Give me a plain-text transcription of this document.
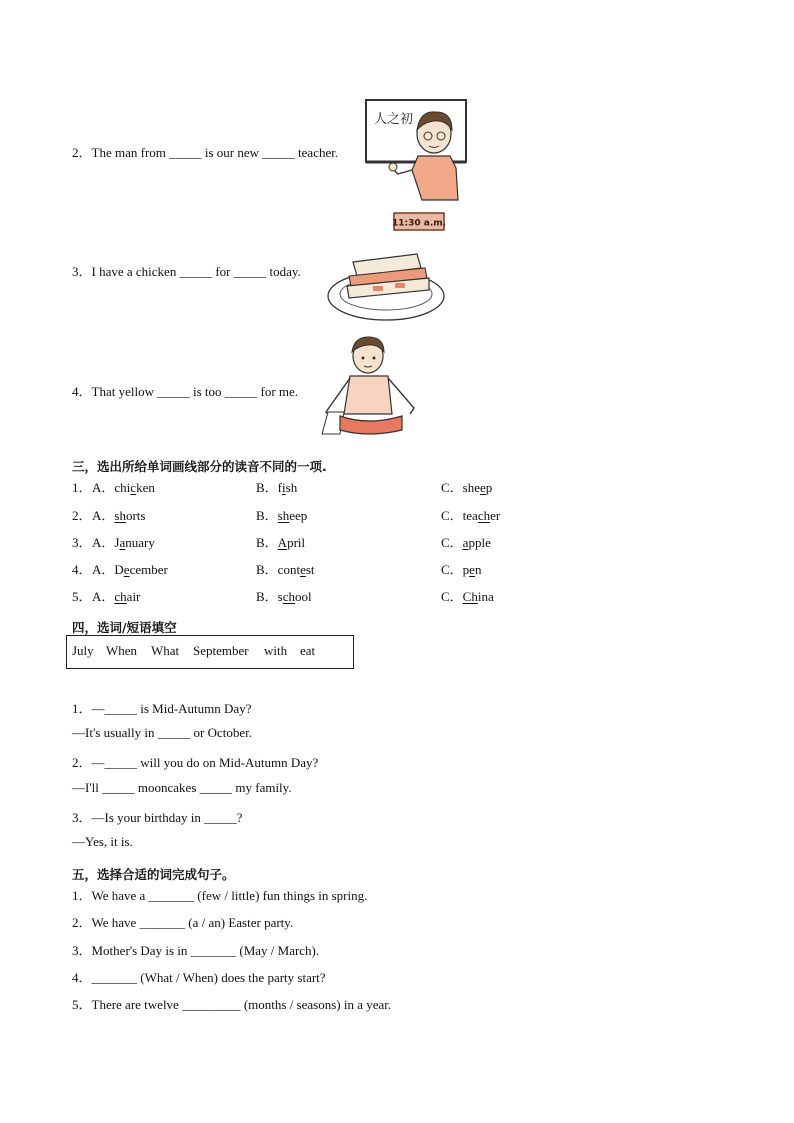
2．The man from _____ is our new _____ teacher.
3．I have a chicken _____ for _____ today.
4．That yellow _____ is too _____ for me.
人之初
11:30 a.m.
三，选出所给单词画线部分的读音不同的一项.
1． A．chicken	B．fish	C．sheep
2． A．shorts	B．sheep	C．teacher
3． A．January	B．April	C．apple
4． A．December	B．contest	C．pen
5． A．chair	B．school	C．China
四，选词/短语填空
July When What September with eat
1．—_____ is Mid-Autumn Day?
—It's usually in _____ or October.
2．—_____ will you do on Mid-Autumn Day?
—I'll _____ mooncakes _____ my family.
3．—Is your birthday in _____?
—Yes, it is.
五，选择合适的词完成句子。
1．We have a _______ (few / little) fun things in spring.
2．We have _______ (a / an) Easter party.
3．Mother's Day is in _______ (May / March).
4．_______ (What / When) does the party start?
5．There are twelve _________ (months / seasons) in a year.
